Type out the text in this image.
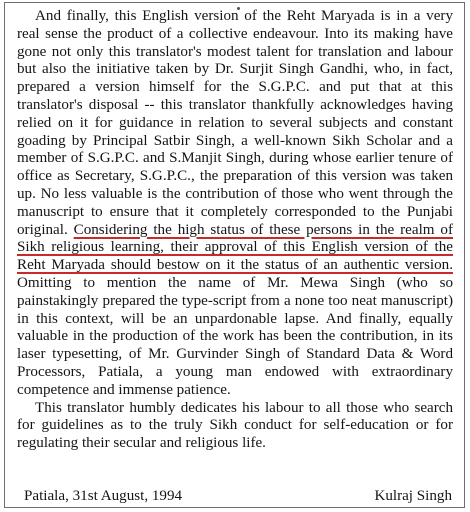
And finally, this English version of the Reht Maryada is in a very real sense the product of a collective endeavour. Into its making have gone not only this translator's modest talent for translation and labour but also the initiative taken by Dr. Surjit Singh Gandhi, who, in fact, prepared a version himself for the S.G.P.C. and put that at this translator's disposal -- this translator thankfully acknowledges having relied on it for guidance in relation to several subjects and constant goading by Principal Satbir Singh, a well-known Sikh Scholar and a member of S.G.P.C. and S.Manjit Singh, during whose earlier tenure of office as Secretary, S.G.P.C., the preparation of this version was taken up. No less valuable is the contribution of those who went through the manuscript to ensure that it completely corresponded to the Punjabi original. Considering the high status of these persons in the realm of Sikh religious learning, their approval of this English version of the Reht Maryada should bestow on it the status of an authentic version. Omitting to mention the name of Mr. Mewa Singh (who so painstakingly prepared the type-script from a none too neat manuscript) in this context, will be an unpardonable lapse. And finally, equally valuable in the production of the work has been the contribution, in its laser typesetting, of Mr. Gurvinder Singh of Standard Data & Word Processors, Patiala, a young man endowed with extraordinary competence and immense patience.

This translator humbly dedicates his labour to all those who search for guidelines as to the truly Sikh conduct for self-education or for regulating their secular and religious life.

Patiala, 31st August, 1994	Kulraj Singh
